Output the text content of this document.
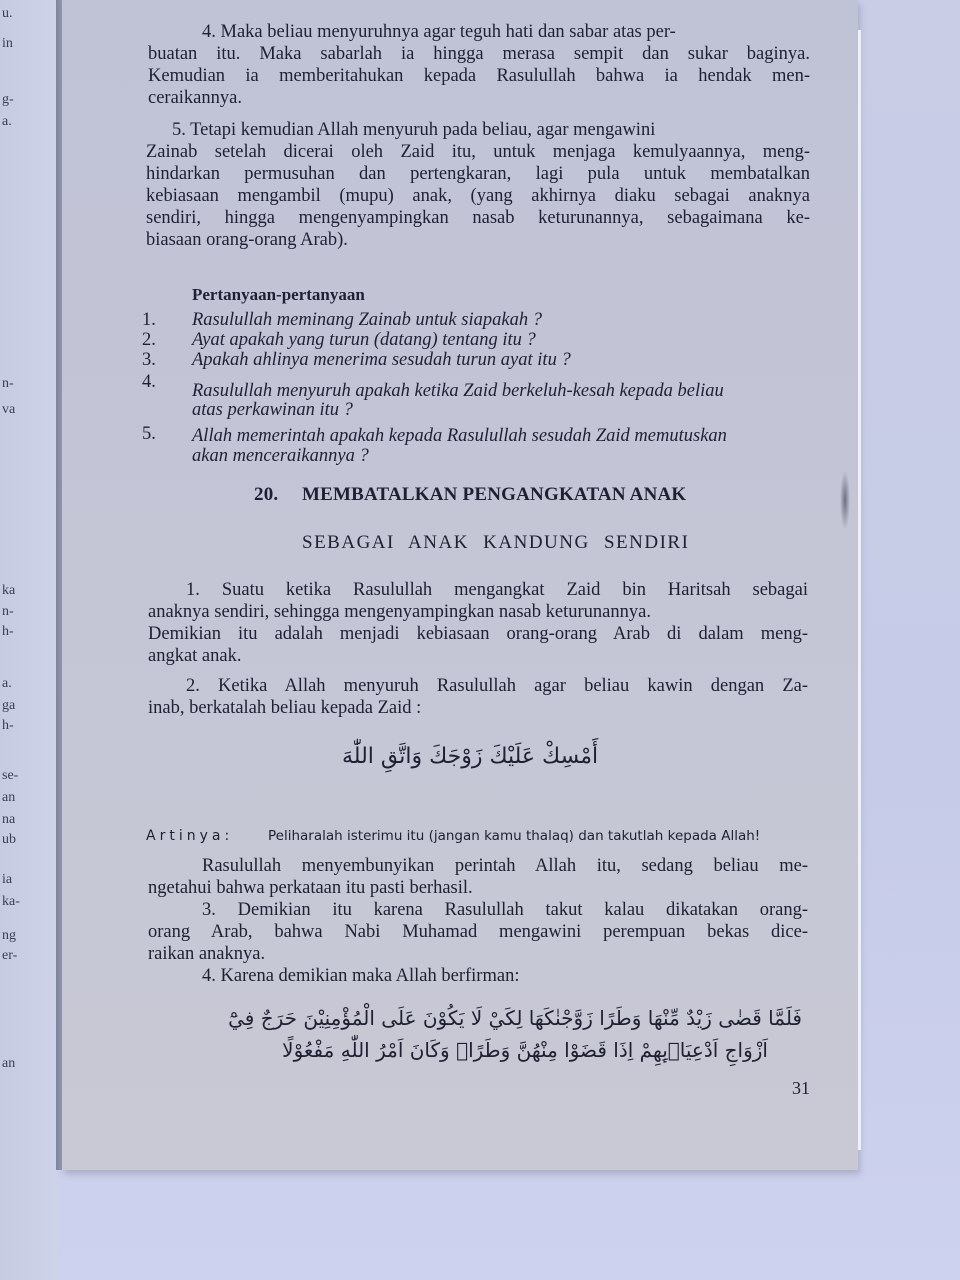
u.
in
g-
a.
n-
va
ka
n-
h-
a.
ga
h-
se-
an
na
ub
ia
ka-
ng
er-
an
4. Maka beliau menyuruhnya agar teguh hati dan sabar atas per-
buatan itu. Maka sabarlah ia hingga merasa sempit dan sukar baginya.
Kemudian ia memberitahukan kepada Rasulullah bahwa ia hendak men-
ceraikannya.
5. Tetapi kemudian Allah menyuruh pada beliau, agar mengawini
Zainab setelah dicerai oleh Zaid itu, untuk menjaga kemulyaannya, meng-
hindarkan permusuhan dan pertengkaran, lagi pula untuk membatalkan
kebiasaan mengambil (mupu) anak, (yang akhirnya diaku sebagai anaknya
sendiri, hingga mengenyampingkan nasab keturunannya, sebagaimana ke-
biasaan orang-orang Arab).
Pertanyaan-pertanyaan
1. Rasulullah meminang Zainab untuk siapakah ?
2. Ayat apakah yang turun (datang) tentang itu ?
3. Apakah ahlinya menerima sesudah turun ayat itu ?
4. Rasulullah menyuruh apakah ketika Zaid berkeluh-kesah kepada beliau
atas perkawinan itu ?
5. Allah memerintah apakah kepada Rasulullah sesudah Zaid memutuskan
akan menceraikannya ?
20. MEMBATALKAN PENGANGKATAN ANAK
SEBAGAI ANAK KANDUNG SENDIRI
1. Suatu ketika Rasulullah mengangkat Zaid bin Haritsah sebagai
anaknya sendiri, sehingga mengenyampingkan nasab keturunannya.
Demikian itu adalah menjadi kebiasaan orang-orang Arab di dalam meng-
angkat anak.
2. Ketika Allah menyuruh Rasulullah agar beliau kawin dengan Za-
inab, berkatalah beliau kepada Zaid :
أَمْسِكْ عَلَيْكَ زَوْجَكَ وَاتَّقِ اللّٰهَ
Artinya:	Peliharalah isterimu itu (jangan kamu thalaq) dan takutlah kepada Allah!
Rasulullah menyembunyikan perintah Allah itu, sedang beliau me-
ngetahui bahwa perkataan itu pasti berhasil.
3. Demikian itu karena Rasulullah takut kalau dikatakan orang-
orang Arab, bahwa Nabi Muhamad mengawini perempuan bekas dice-
raikan anaknya.
4. Karena demikian maka Allah berfirman:
فَلَمَّا قَضٰى زَيْدٌ مِّنْهَا وَطَرًا زَوَّجْنٰكَهَا لِكَيْ لَا يَكُوْنَ عَلَى الْمُؤْمِنِيْنَ حَرَجٌ فِيْٓ
اَزْوَاجِ اَدْعِيَاۤىِٕهِمْ اِذَا قَضَوْا مِنْهُنَّ وَطَرًاۗ وَكَانَ اَمْرُ اللّٰهِ مَفْعُوْلًا
31
